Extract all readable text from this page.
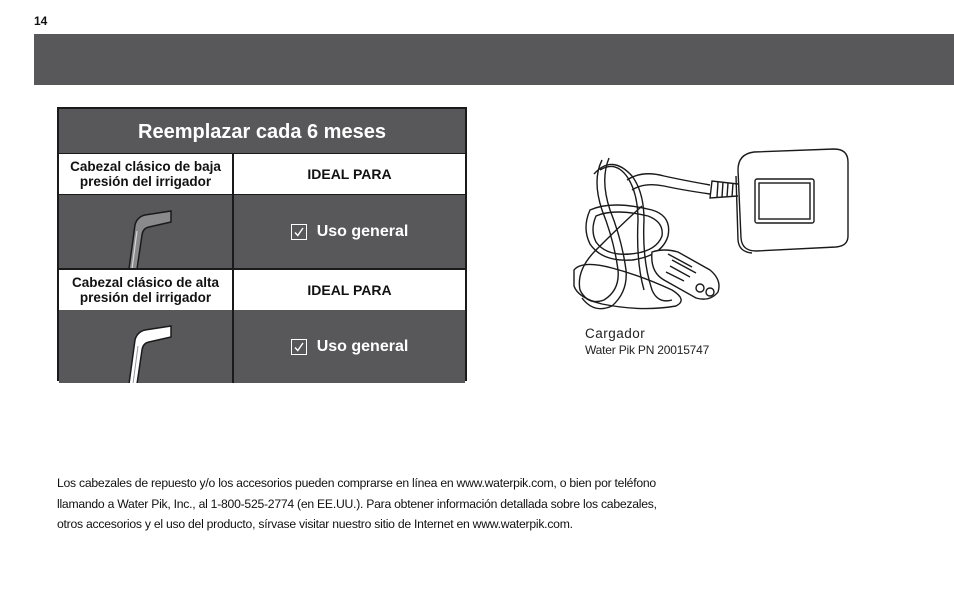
14
Reemplazar cada 6 meses
Cabezal clásico de baja
presión del irrigador	IDEAL PARA
Uso general
Cabezal clásico de alta
presión del irrigador	IDEAL PARA
Uso general
Cargador
Water Pik PN 20015747
Los cabezales de repuesto y/o los accesorios pueden comprarse en línea en www.waterpik.com, o bien por teléfono
llamando a Water Pik, Inc., al 1-800-525-2774 (en EE.UU.). Para obtener información detallada sobre los cabezales,
otros accesorios y el uso del producto, sírvase visitar nuestro sitio de Internet en www.waterpik.com.
